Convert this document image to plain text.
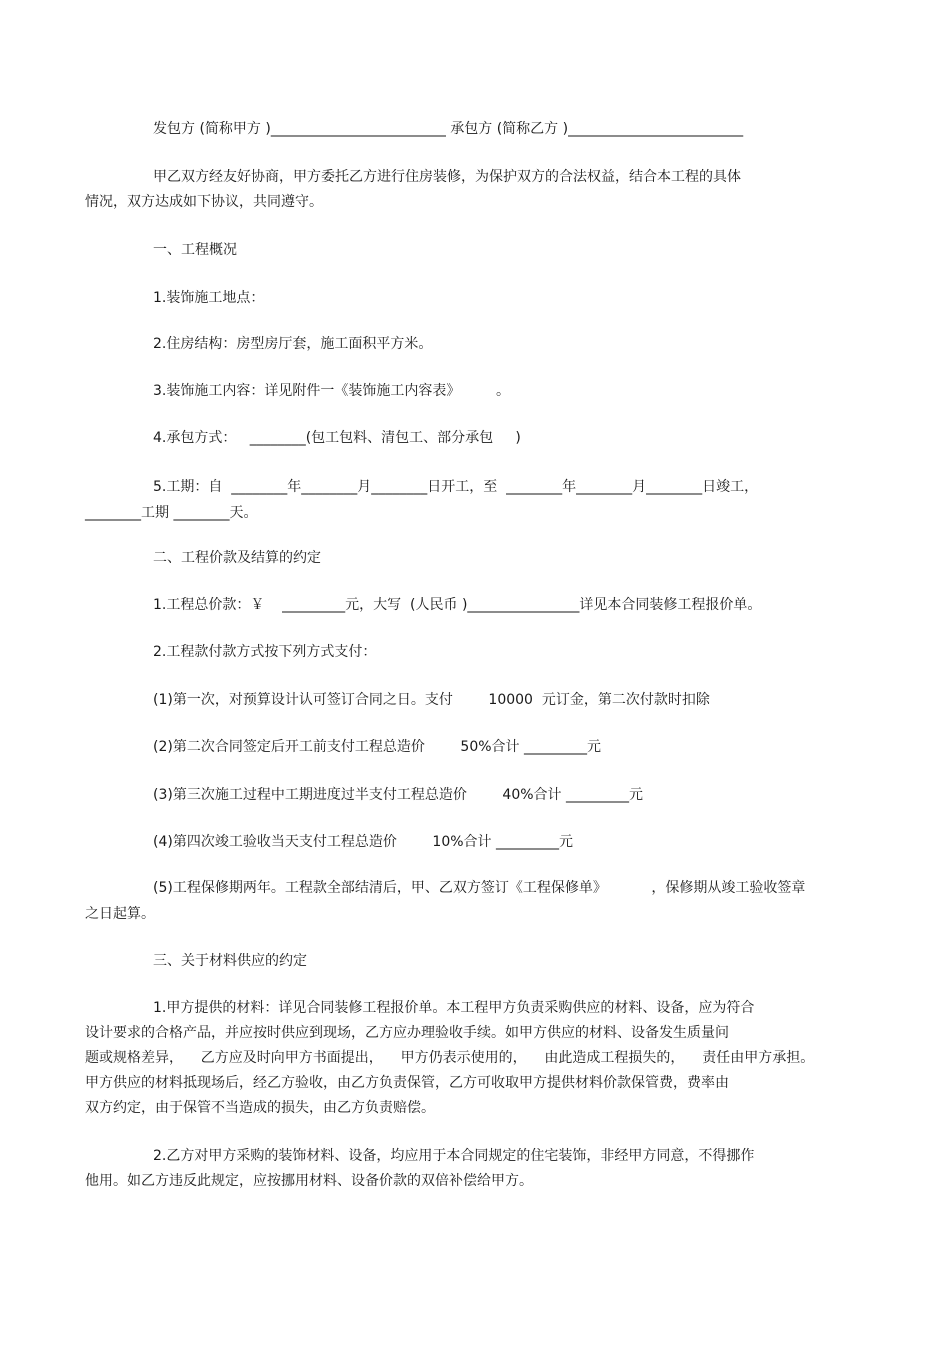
发包方 (简称甲方 )_________________________ 承包方 (简称乙方 )_________________________

甲乙双方经友好协商，甲方委托乙方进行住房装修，为保护双方的合法权益，结合本工程的具体

情况，双方达成如下协议，共同遵守。

一、工程概况

1.装饰施工地点：

2.住房结构：房型房厅套，施工面积平方米。

3.装饰施工内容：详见附件一《装饰施工内容表》        。

4.承包方式：   ________(包工包料、清包工、部分承包     )

5.工期：自  ________年________月________日开工，至  ________年________月________日竣工，

________工期 ________天。

二、工程价款及结算的约定

1.工程总价款：￥    _________元，大写  (人民币 )________________详见本合同装修工程报价单。

2.工程款付款方式按下列方式支付：

(1)第一次，对预算设计认可签订合同之日。支付        10000  元订金，第二次付款时扣除

(2)第二次合同签定后开工前支付工程总造价        50%合计 _________元

(3)第三次施工过程中工期进度过半支付工程总造价        40%合计 _________元

(4)第四次竣工验收当天支付工程总造价        10%合计 _________元

(5)工程保修期两年。工程款全部结清后，甲、乙双方签订《工程保修单》          ，保修期从竣工验收签章

之日起算。

三、关于材料供应的约定

1.甲方提供的材料：详见合同装修工程报价单。本工程甲方负责采购供应的材料、设备，应为符合

设计要求的合格产品，并应按时供应到现场，乙方应办理验收手续。如甲方供应的材料、设备发生质量问

题或规格差异，    乙方应及时向甲方书面提出，    甲方仍表示使用的，    由此造成工程损失的，    责任由甲方承担。

甲方供应的材料抵现场后，经乙方验收，由乙方负责保管，乙方可收取甲方提供材料价款保管费，费率由

双方约定，由于保管不当造成的损失，由乙方负责赔偿。

2.乙方对甲方采购的装饰材料、设备，均应用于本合同规定的住宅装饰，非经甲方同意，不得挪作

他用。如乙方违反此规定，应按挪用材料、设备价款的双倍补偿给甲方。
